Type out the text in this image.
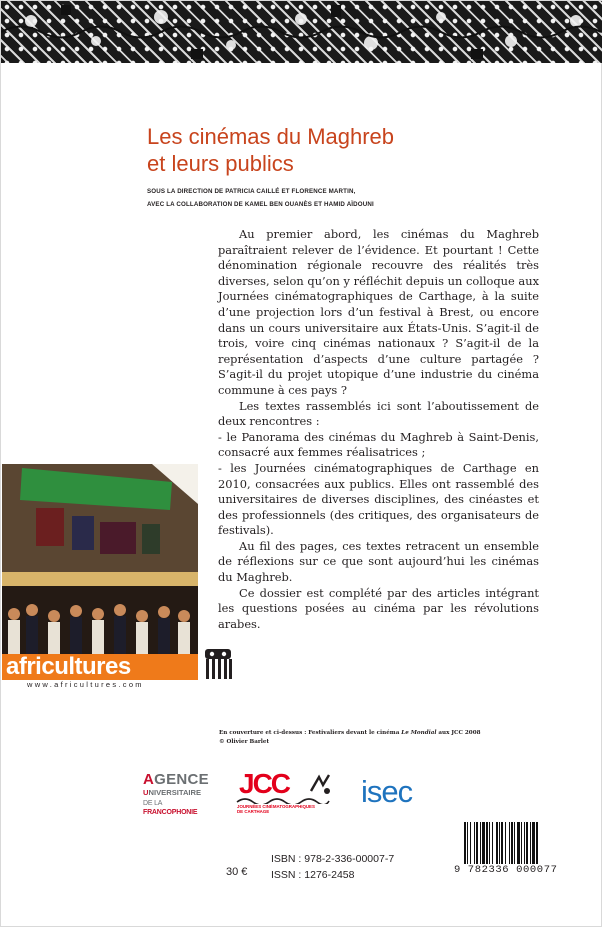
Les cinémas du Maghreb
et leurs publics
SOUS LA DIRECTION DE PATRICIA CAILLÉ ET FLORENCE MARTIN,
AVEC LA COLLABORATION DE KAMEL BEN OUANÈS ET HAMID AÏDOUNI

Au premier abord, les cinémas du Maghreb paraîtraient relever de l’évidence. Et pourtant ! Cette dénomination régionale recouvre des réalités très diverses, selon qu’on y réfléchit depuis un colloque aux Journées cinématographiques de Carthage, à la suite d’une projection lors d’un festival à Brest, ou encore dans un cours universitaire aux États-Unis. S’agit-il de trois, voire cinq cinémas nationaux ? S’agit-il de la représentation d’aspects d’une culture partagée ? S’agit-il du projet utopique d’une industrie du cinéma commune à ces pays ?

Les textes rassemblés ici sont l’aboutissement de deux rencontres :

- le Panorama des cinémas du Maghreb à Saint-Denis, consacré aux femmes réalisatrices ;

- les Journées cinématographiques de Carthage en 2010, consacrées aux publics. Elles ont rassemblé des universitaires de diverses disciplines, des cinéastes et des professionnels (des critiques, des organisateurs de festivals).

Au fil des pages, ces textes retracent un ensemble de réflexions sur ce que sont aujourd’hui les cinémas du Maghreb.

Ce dossier est complété par des articles intégrant les questions posées au cinéma par les révolutions arabes.

africultures
www.africultures.com
En couverture et ci-dessus : Festivaliers devant le cinéma Le Mondial aux JCC 2008
© Olivier Barlet
AGENCE
UNIVERSITAIRE
DE LA FRANCOPHONIE
JCC
JOURNÉES CINÉMATOGRAPHIQUES
DE CARTHAGE
isec
30 €
ISBN : 978-2-336-00007-7
ISSN : 1276-2458	9 782336 000077
